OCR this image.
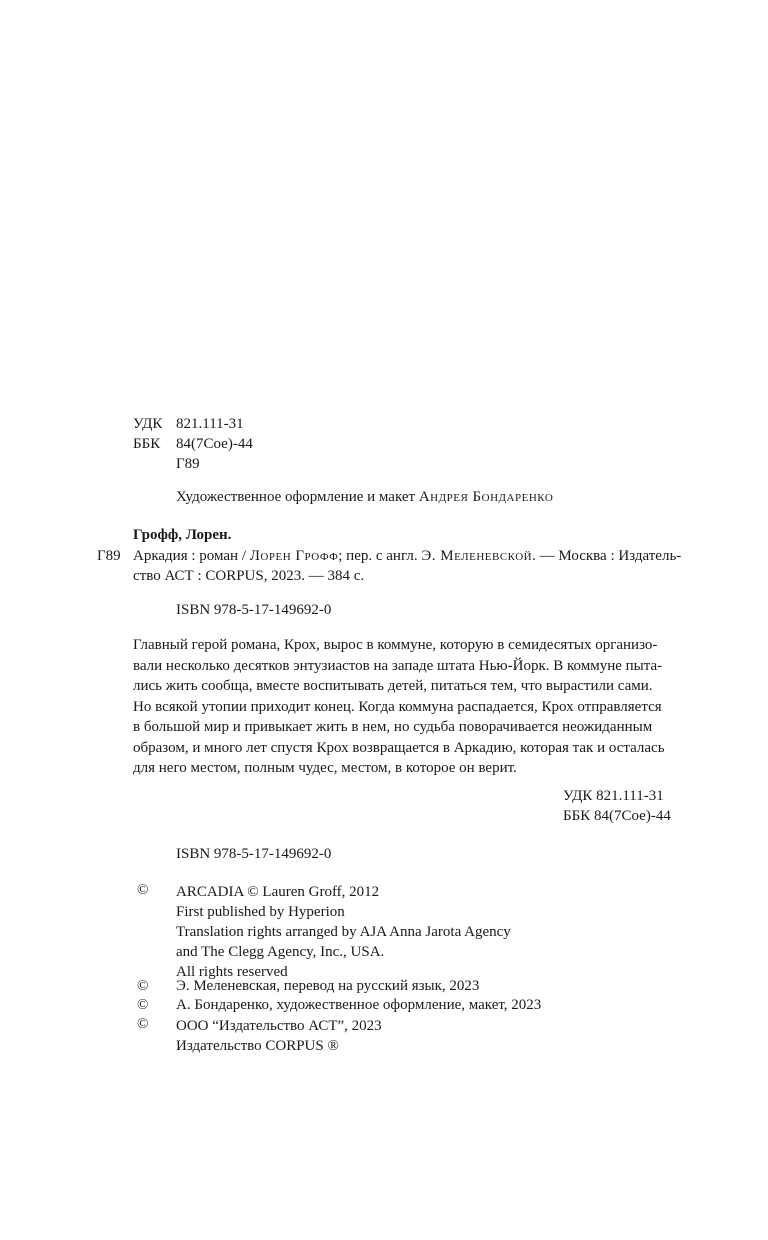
УДК 821.111-31
ББК 84(7Сое)-44
Г89
Художественное оформление и макет Андрея Бондаренко
Грофф, Лорен.
Г89 Аркадия : роман / Лорен Грофф; пер. с англ. Э. Меленевской. — Москва : Издатель-
ство АСТ : CORPUS, 2023. — 384 с.
ISBN 978-5-17-149692-0
Главный герой романа, Крох, вырос в коммуне, которую в семидесятых организо-
вали несколько десятков энтузиастов на западе штата Нью-Йорк. В коммуне пыта-
лись жить сообща, вместе воспитывать детей, питаться тем, что вырастили сами.
Но всякой утопии приходит конец. Когда коммуна распадается, Крох отправляется
в большой мир и привыкает жить в нем, но судьба поворачивается неожиданным
образом, и много лет спустя Крох возвращается в Аркадию, которая так и осталась
для него местом, полным чудес, местом, в которое он верит.
УДК 821.111-31
ББК 84(7Сое)-44
ISBN 978-5-17-149692-0
© ARCADIA © Lauren Groff, 2012
First published by Hyperion
Translation rights arranged by AJA Anna Jarota Agency
and The Clegg Agency, Inc., USA.
All rights reserved
© Э. Меленевская, перевод на русский язык, 2023
© А. Бондаренко, художественное оформление, макет, 2023
© ООО “Издательство АСТ”, 2023
Издательство CORPUS ®
